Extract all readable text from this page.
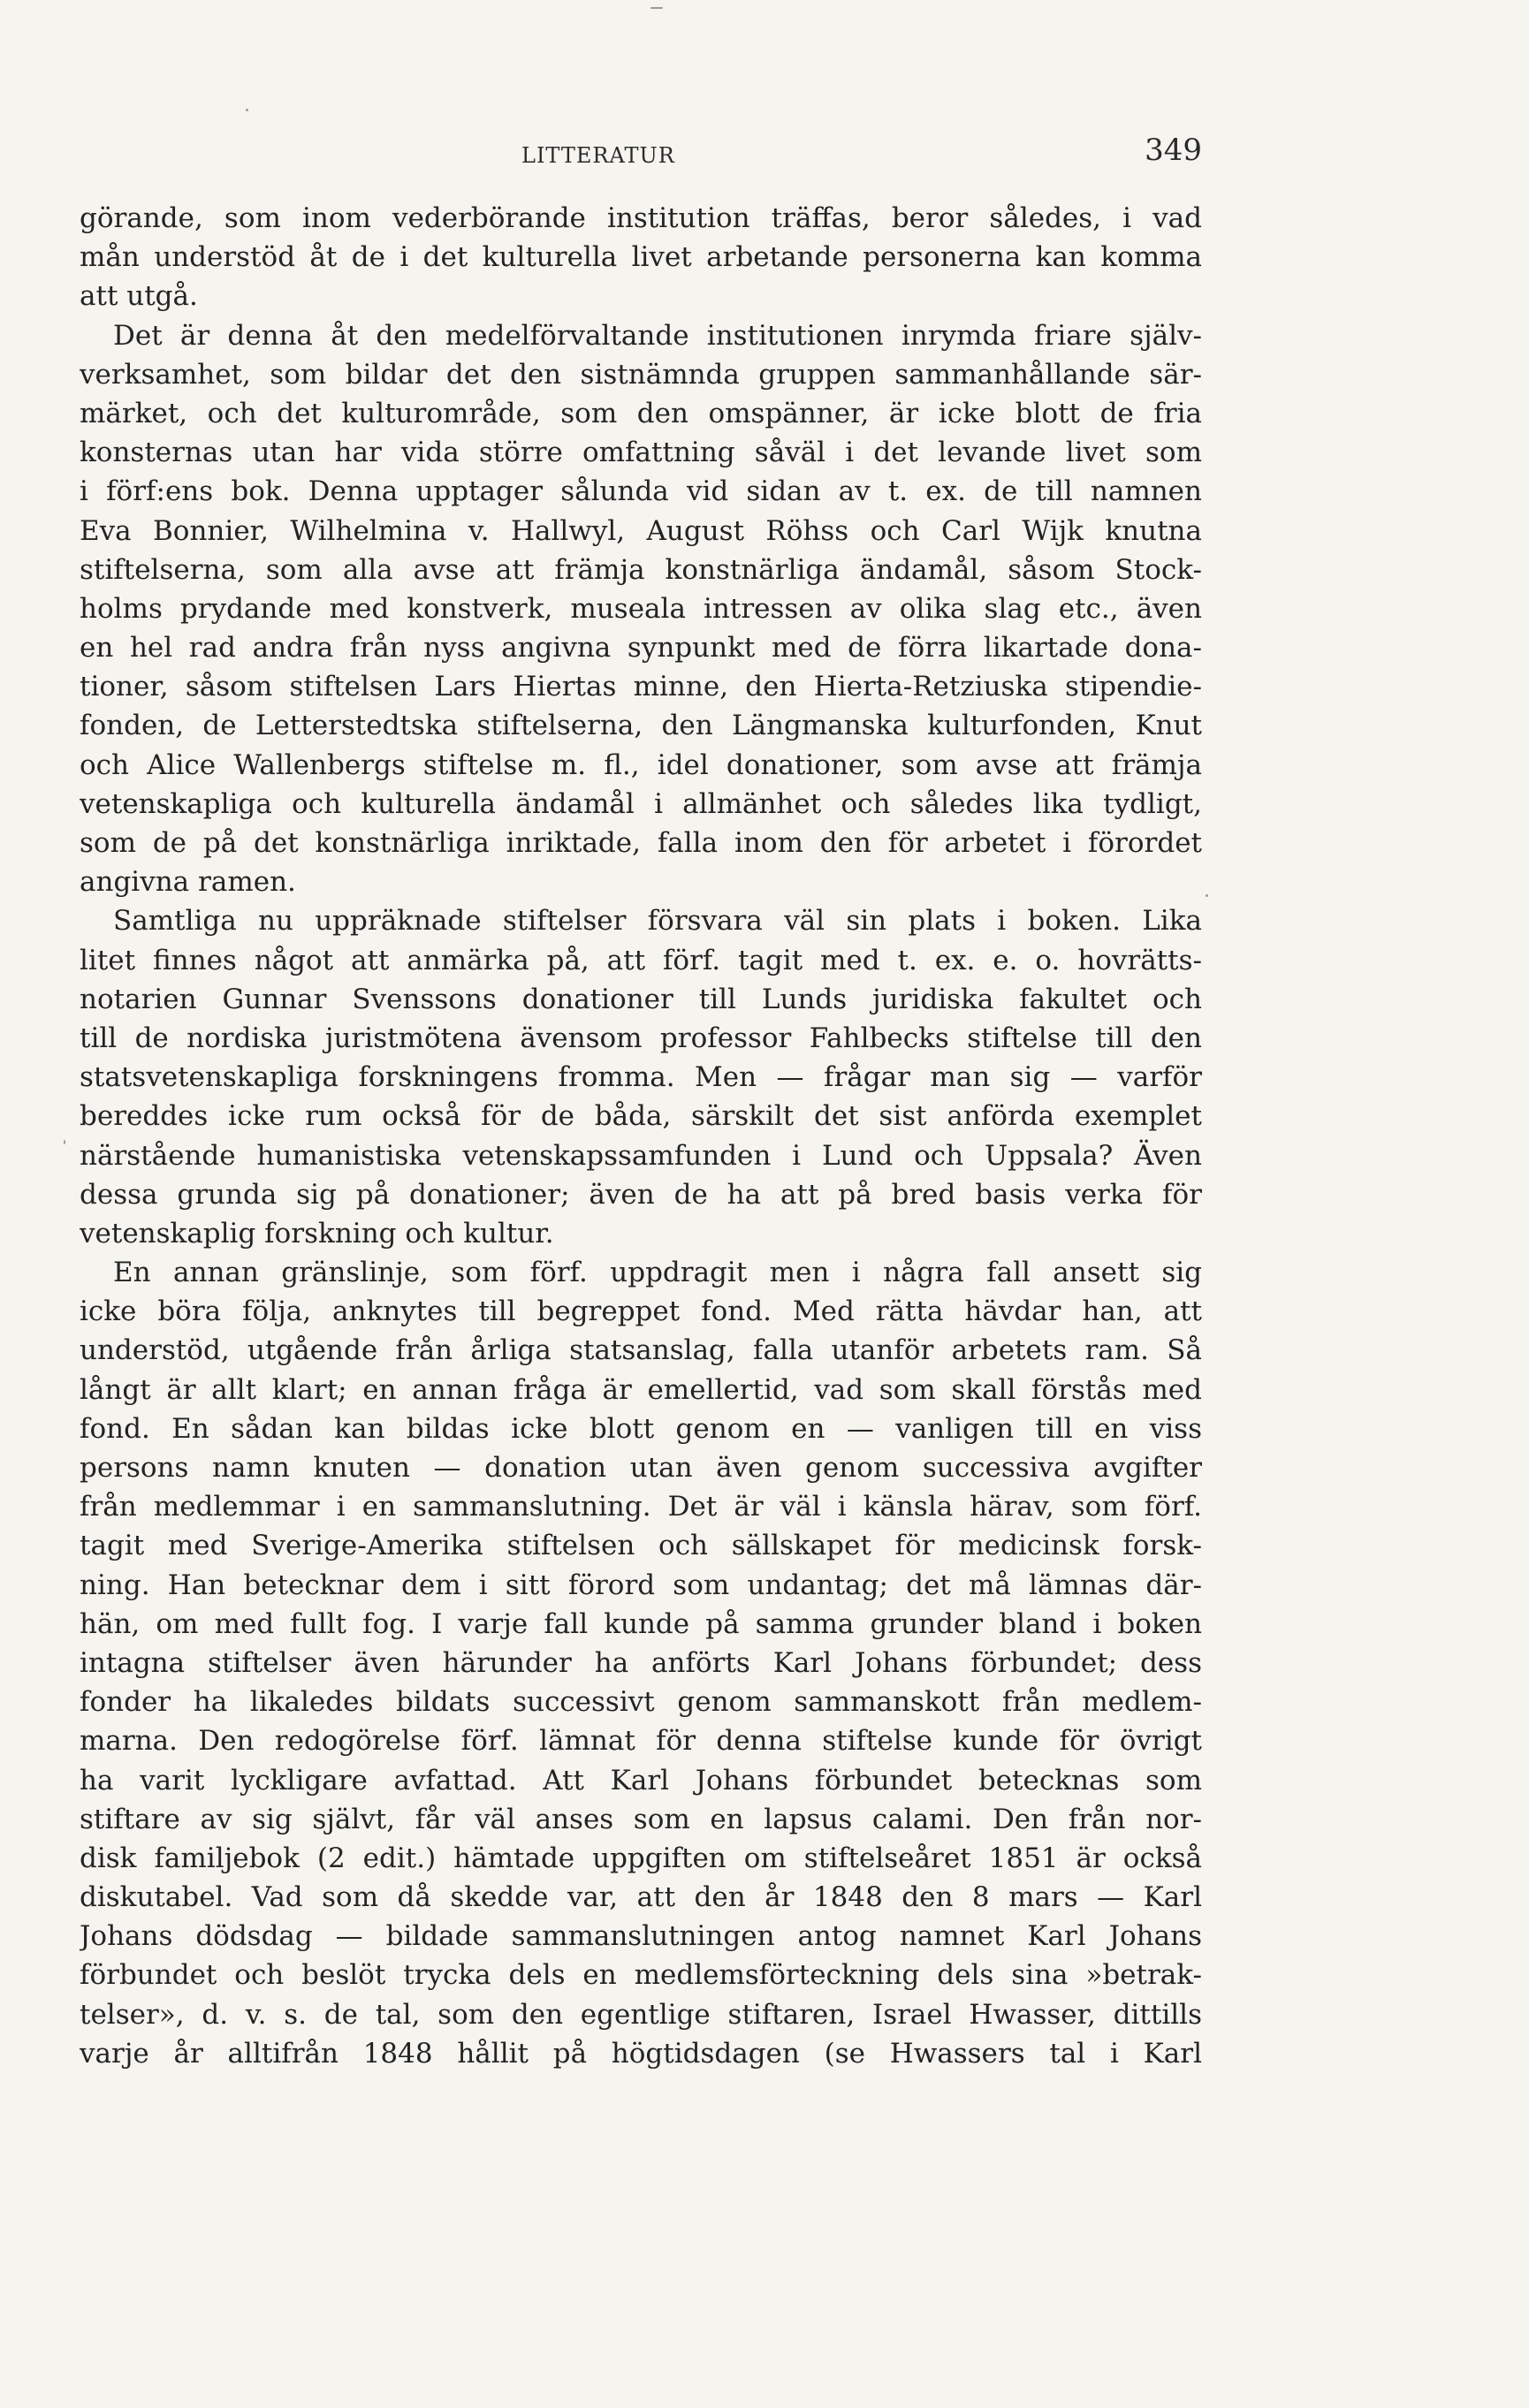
LITTERATUR	349
görande, som inom vederbörande institution träffas, beror således, i vad
mån understöd åt de i det kulturella livet arbetande personerna kan komma
att utgå.
Det är denna åt den medelförvaltande institutionen inrymda friare själv-
verksamhet, som bildar det den sistnämnda gruppen sammanhållande sär-
märket, och det kulturområde, som den omspänner, är icke blott de fria
konsternas utan har vida större omfattning såväl i det levande livet som
i förf:ens bok. Denna upptager sålunda vid sidan av t. ex. de till namnen
Eva Bonnier, Wilhelmina v. Hallwyl, August Röhss och Carl Wijk knutna
stiftelserna, som alla avse att främja konstnärliga ändamål, såsom Stock-
holms prydande med konstverk, museala intressen av olika slag etc., även
en hel rad andra från nyss angivna synpunkt med de förra likartade dona-
tioner, såsom stiftelsen Lars Hiertas minne, den Hierta-Retziuska stipendie-
fonden, de Letterstedtska stiftelserna, den Längmanska kulturfonden, Knut
och Alice Wallenbergs stiftelse m. fl., idel donationer, som avse att främja
vetenskapliga och kulturella ändamål i allmänhet och således lika tydligt,
som de på det konstnärliga inriktade, falla inom den för arbetet i förordet
angivna ramen.
Samtliga nu uppräknade stiftelser försvara väl sin plats i boken. Lika
litet finnes något att anmärka på, att förf. tagit med t. ex. e. o. hovrätts-
notarien Gunnar Svenssons donationer till Lunds juridiska fakultet och
till de nordiska juristmötena ävensom professor Fahlbecks stiftelse till den
statsvetenskapliga forskningens fromma. Men — frågar man sig — varför
bereddes icke rum också för de båda, särskilt det sist anförda exemplet
närstående humanistiska vetenskapssamfunden i Lund och Uppsala? Även
dessa grunda sig på donationer; även de ha att på bred basis verka för
vetenskaplig forskning och kultur.
En annan gränslinje, som förf. uppdragit men i några fall ansett sig
icke böra följa, anknytes till begreppet fond. Med rätta hävdar han, att
understöd, utgående från årliga statsanslag, falla utanför arbetets ram. Så
långt är allt klart; en annan fråga är emellertid, vad som skall förstås med
fond. En sådan kan bildas icke blott genom en — vanligen till en viss
persons namn knuten — donation utan även genom successiva avgifter
från medlemmar i en sammanslutning. Det är väl i känsla härav, som förf.
tagit med Sverige-Amerika stiftelsen och sällskapet för medicinsk forsk-
ning. Han betecknar dem i sitt förord som undantag; det må lämnas där-
hän, om med fullt fog. I varje fall kunde på samma grunder bland i boken
intagna stiftelser även härunder ha anförts Karl Johans förbundet; dess
fonder ha likaledes bildats successivt genom sammanskott från medlem-
marna. Den redogörelse förf. lämnat för denna stiftelse kunde för övrigt
ha varit lyckligare avfattad. Att Karl Johans förbundet betecknas som
stiftare av sig självt, får väl anses som en lapsus calami. Den från nor-
disk familjebok (2 edit.) hämtade uppgiften om stiftelseåret 1851 är också
diskutabel. Vad som då skedde var, att den år 1848 den 8 mars — Karl
Johans dödsdag — bildade sammanslutningen antog namnet Karl Johans
förbundet och beslöt trycka dels en medlemsförteckning dels sina »betrak-
telser», d. v. s. de tal, som den egentlige stiftaren, Israel Hwasser, dittills
varje år alltifrån 1848 hållit på högtidsdagen (se Hwassers tal i Karl
